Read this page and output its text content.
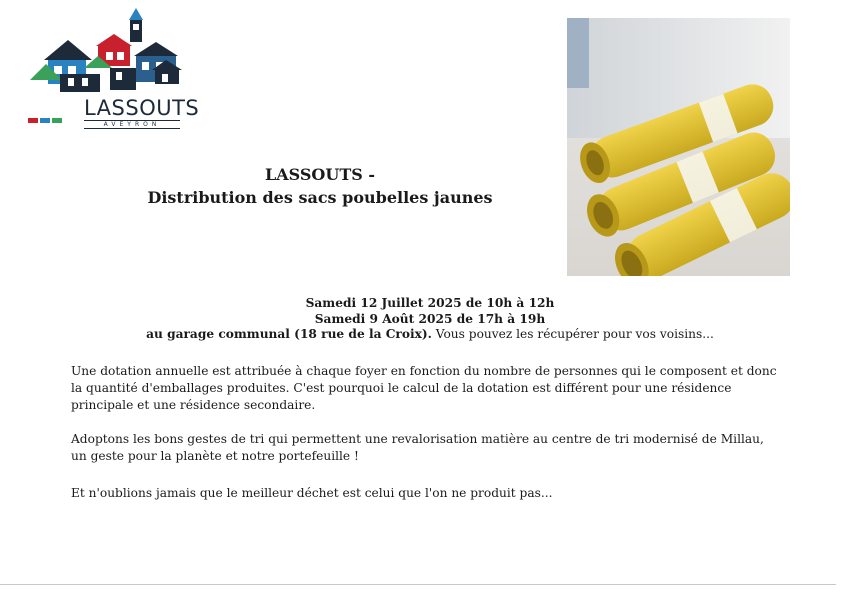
LASSOUTS
AVEYRON
LASSOUTS -
Distribution des sacs poubelles jaunes
Samedi 12 Juillet 2025 de 10h à 12h
Samedi 9 Août 2025 de 17h à 19h
au garage communal (18 rue de la Croix). Vous pouvez les récupérer pour vos voisins...
Une dotation annuelle est attribuée à chaque foyer en fonction du nombre de personnes qui le composent et donc la quantité d'emballages produites. C'est pourquoi le calcul de la dotation est différent pour une résidence principale et une résidence secondaire.
Adoptons les bons gestes de tri qui permettent une revalorisation matière au centre de tri modernisé de Millau, un geste pour la planète et notre portefeuille !
Et n'oublions jamais que le meilleur déchet est celui que l'on ne produit pas...
